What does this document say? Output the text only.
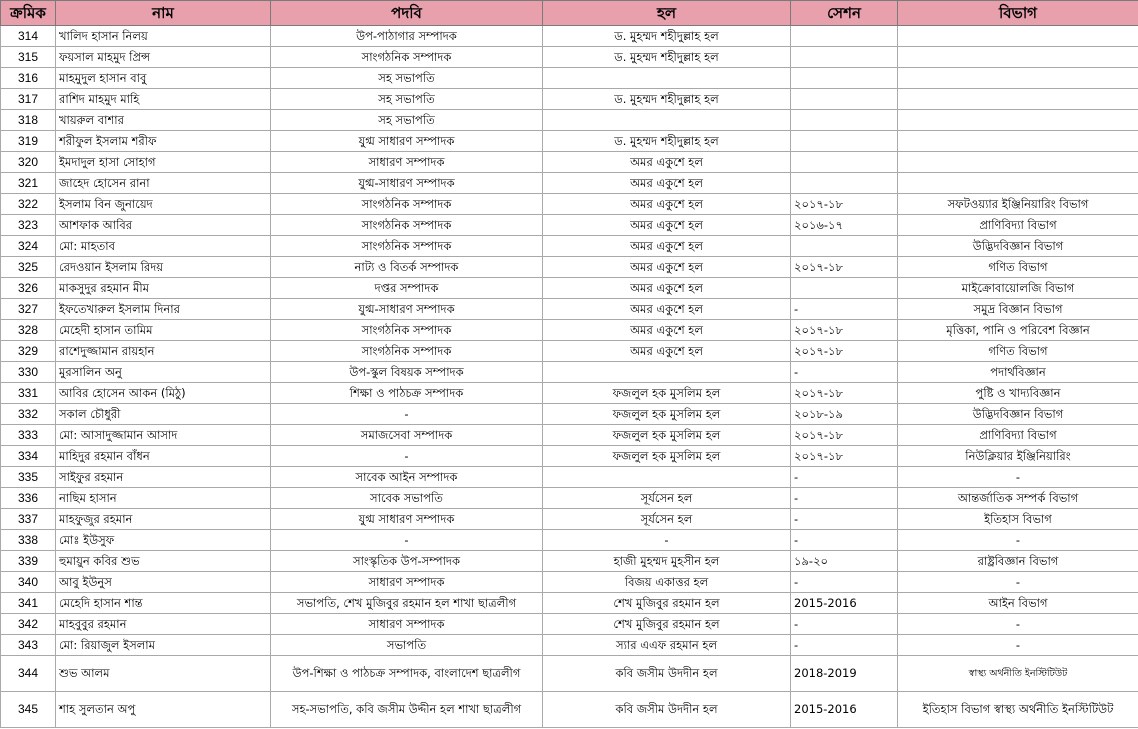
ক্রমিক	নাম	পদবি	হল	সেশন	বিভাগ
314	খালিদ হাসান নিলয়	উপ-পাঠাগার সম্পাদক	ড. মুহম্মদ শহীদুল্লাহ হল		
315	ফয়সাল মাহমুদ প্রিন্স	সাংগঠনিক সম্পাদক	ড. মুহম্মদ শহীদুল্লাহ হল		
316	মাহমুদুল হাসান বাবু	সহ সভাপতি			
317	রাশিদ মাহমুদ মাহি	সহ সভাপতি	ড. মুহম্মদ শহীদুল্লাহ হল		
318	খায়রুল বাশার	সহ সভাপতি			
319	শরীফুল ইসলাম শরীফ	যুগ্ম সাধারণ সম্পাদক	ড. মুহম্মদ শহীদুল্লাহ হল		
320	ইমদাদুল হাসা সোহাগ	সাধারণ সম্পাদক	অমর একুশে হল		
321	জাহেদ হোসেন রানা	যুগ্ম-সাধারণ সম্পাদক	অমর একুশে হল		
322	ইসলাম বিন জুনায়েদ	সাংগঠনিক সম্পাদক	অমর একুশে হল	২০১৭-১৮	সফটওয়্যার ইঞ্জিনিয়ারিং বিভাগ
323	আশফাক আবির	সাংগঠনিক সম্পাদক	অমর একুশে হল	২০১৬-১৭	প্রাণিবিদ্যা বিভাগ
324	মো: মাহতাব	সাংগঠনিক সম্পাদক	অমর একুশে হল		উদ্ভিদবিজ্ঞান বিভাগ
325	রেদওয়ান ইসলাম রিদয়	নাট্য ও বিতর্ক সম্পাদক	অমর একুশে হল	২০১৭-১৮	গণিত বিভাগ
326	মাকসুদুর রহমান মীম	দপ্তর সম্পাদক	অমর একুশে হল		মাইক্রোবায়োলজি বিভাগ
327	ইফতেখারুল ইসলাম দিনার	যুগ্ম-সাধারণ সম্পাদক	অমর একুশে হল	-	সমুদ্র বিজ্ঞান বিভাগ
328	মেহেদী হাসান তামিম	সাংগঠনিক সম্পাদক	অমর একুশে হল	২০১৭-১৮	মৃত্তিকা, পানি ও পরিবেশ বিজ্ঞান
329	রাশেদুজ্জামান রায়হান	সাংগঠনিক সম্পাদক	অমর একুশে হল	২০১৭-১৮	গণিত বিভাগ
330	মুরসালিন অনু	উপ-স্কুল বিষয়ক সম্পাদক		-	পদার্থবিজ্ঞান
331	আবির হোসেন আকন (মিঠু)	শিক্ষা ও পাঠচক্র সম্পাদক	ফজলুল হক মুসলিম হল	২০১৭-১৮	পুষ্টি ও খাদ্যবিজ্ঞান
332	সকাল চৌধুরী	-	ফজলুল হক মুসলিম হল	২০১৮-১৯	উদ্ভিদবিজ্ঞান বিভাগ
333	মো: আসাদুজ্জামান আসাদ	সমাজসেবা সম্পাদক	ফজলুল হক মুসলিম হল	২০১৭-১৮	প্রাণিবিদ্যা বিভাগ
334	মাহিদুর রহমান বাঁধন	-	ফজলুল হক মুসলিম হল	২০১৭-১৮	নিউক্লিয়ার ইঞ্জিনিয়ারিং
335	সাইফুর রহমান	সাবেক আইন সম্পাদক		-	-
336	নাছিম হাসান	সাবেক সভাপতি	সূর্যসেন হল	-	আন্তর্জাতিক সম্পর্ক বিভাগ
337	মাহফুজুর রহমান	যুগ্ম সাধারণ সম্পাদক	সূর্যসেন হল	-	ইতিহাস বিভাগ
338	মোঃ ইউসুফ	-	-	-	-
339	হুমায়ুন কবির শুভ	সাংস্কৃতিক উপ-সম্পাদক	হাজী মুহম্মদ মুহসীন হল	১৯-২০	রাষ্ট্রবিজ্ঞান বিভাগ
340	আবু ইউনুস	সাধারণ সম্পাদক	বিজয় একাত্তর হল	-	-
341	মেহেদি হাসান শান্ত	সভাপতি, শেখ মুজিবুর রহমান হল শাখা ছাত্রলীগ	শেখ মুজিবুর রহমান হল	2015-2016	আইন বিভাগ
342	মাহবুবুর রহমান	সাধারণ সম্পাদক	শেখ মুজিবুর রহমান হল	-	-
343	মো: রিয়াজুল ইসলাম	সভাপতি	স্যার এএফ রহমান হল	-	-
344	শুভ আলম	উপ-শিক্ষা ও পাঠচক্র সম্পাদক, বাংলাদেশ ছাত্রলীগ	কবি জসীম উদদীন হল	2018-2019	স্বাস্থ্য অর্থনীতি ইনস্টিটিউট
345	শাহ সুলতান অপু	সহ-সভাপতি, কবি জসীম উদ্দীন হল শাখা ছাত্রলীগ	কবি জসীম উদদীন হল	2015-2016	ইতিহাস বিভাগ স্বাস্থ্য অর্থনীতি ইনস্টিটিউট
